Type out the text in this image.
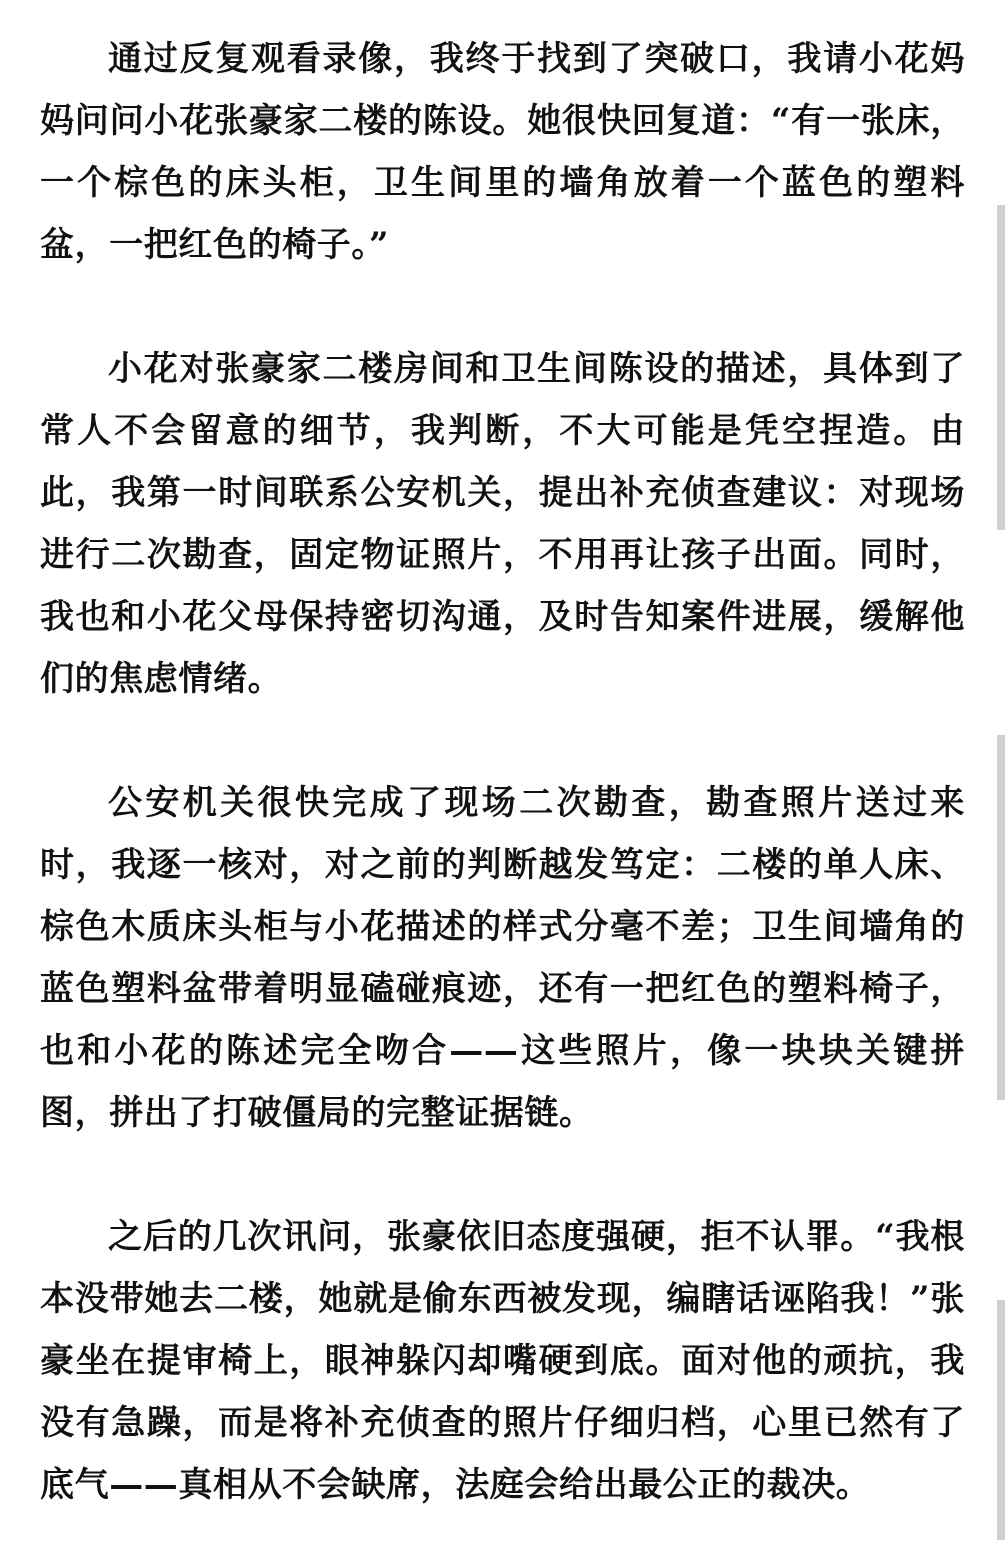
通过反复观看录像，我终于找到了突破口，我请小花妈妈问问小花张豪家二楼的陈设。她很快回复道：“有一张床，一个棕色的床头柜，卫生间里的墙角放着一个蓝色的塑料盆，一把红色的椅子。”

小花对张豪家二楼房间和卫生间陈设的描述，具体到了常人不会留意的细节，我判断，不大可能是凭空捏造。由此，我第一时间联系公安机关，提出补充侦查建议：对现场进行二次勘查，固定物证照片，不用再让孩子出面。同时，我也和小花父母保持密切沟通，及时告知案件进展，缓解他们的焦虑情绪。

公安机关很快完成了现场二次勘查，勘查照片送过来时，我逐一核对，对之前的判断越发笃定：二楼的单人床、棕色木质床头柜与小花描述的样式分毫不差；卫生间墙角的蓝色塑料盆带着明显磕碰痕迹，还有一把红色的塑料椅子，也和小花的陈述完全吻合——这些照片，像一块块关键拼图，拼出了打破僵局的完整证据链。

之后的几次讯问，张豪依旧态度强硬，拒不认罪。“我根本没带她去二楼，她就是偷东西被发现，编瞎话诬陷我！”张豪坐在提审椅上，眼神躲闪却嘴硬到底。面对他的顽抗，我没有急躁，而是将补充侦查的照片仔细归档，心里已然有了底气——真相从不会缺席，法庭会给出最公正的裁决。
